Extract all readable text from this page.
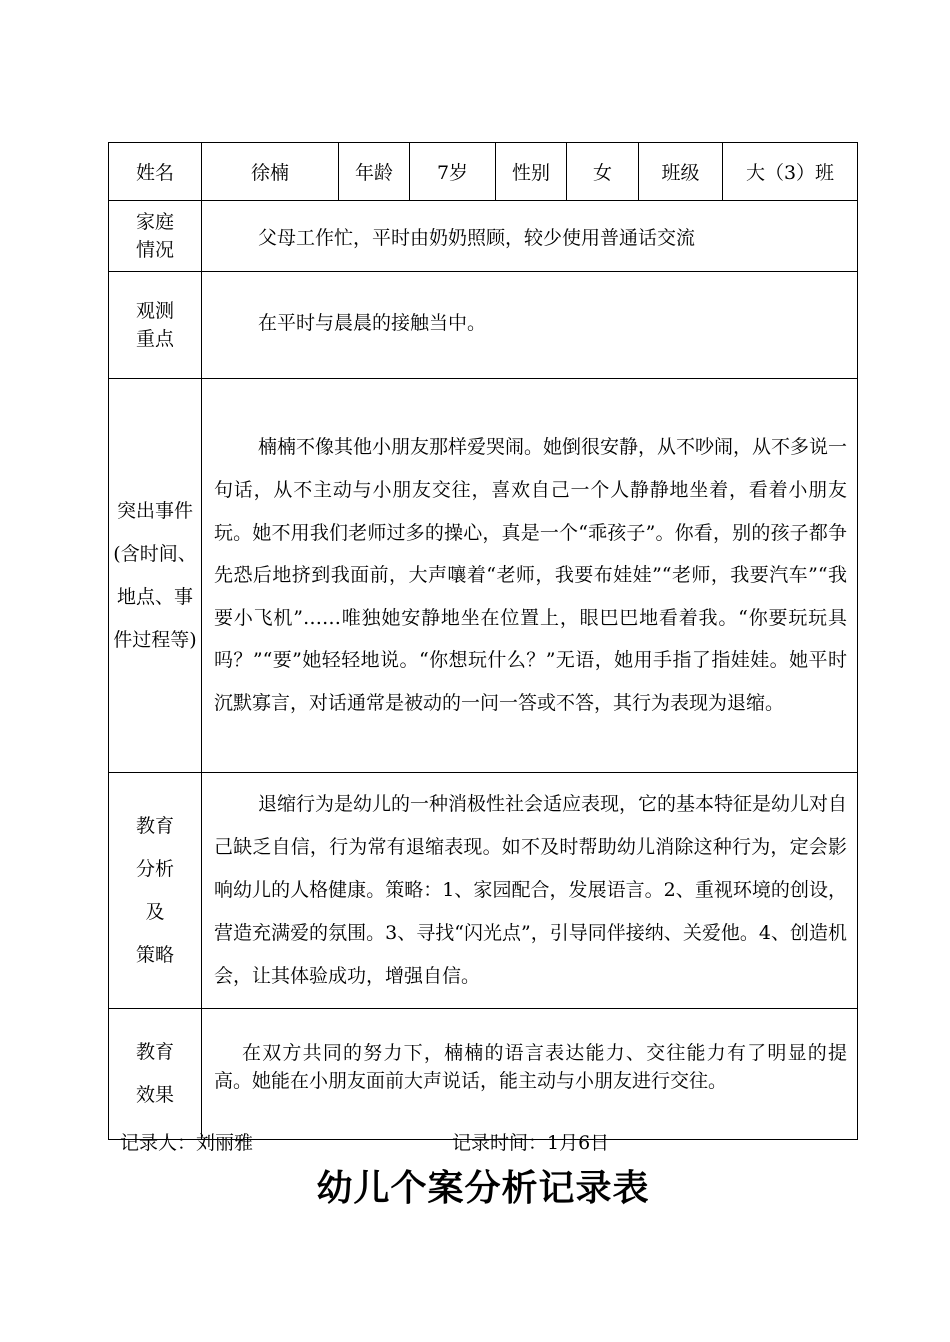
姓名	徐楠	年龄	7岁	性别	女	班级	大（3）班

家庭
情况	父母工作忙，平时由奶奶照顾，较少使用普通话交流						

观测
重点	在平时与晨晨的接触当中。						
突出事件(含时间、地点、事件过程等)	楠楠不像其他小朋友那样爱哭闹。她倒很安静，从不吵闹，从不多说一句话，从不主动与小朋友交往，喜欢自己一个人静静地坐着，看着小朋友玩。她不用我们老师过多的操心，真是一个“乖孩子”。你看，别的孩子都争先恐后地挤到我面前，大声嚷着“老师，我要布娃娃”“老师，我要汽车”“我要小飞机”……唯独她安静地坐在位置上，眼巴巴地看着我。“你要玩玩具吗？”“要”她轻轻地说。“你想玩什么？”无语，她用手指了指娃娃。她平时沉默寡言，对话通常是被动的一问一答或不答，其行为表现为退缩。						

教育
分析
及
策略	退缩行为是幼儿的一种消极性社会适应表现，它的基本特征是幼儿对自己缺乏自信，行为常有退缩表现。如不及时帮助幼儿消除这种行为，定会影响幼儿的人格健康。策略：1、家园配合，发展语言。2、重视环境的创设，营造充满爱的氛围。3、寻找“闪光点”，引导同伴接纳、关爱他。4、创造机会，让其体验成功，增强自信。						

教育
效果	在双方共同的努力下，楠楠的语言表达能力、交往能力有了明显的提高。她能在小朋友面前大声说话，能主动与小朋友进行交往。						
记录人：刘丽雅	记录时间：1月6日
幼儿个案分析记录表
